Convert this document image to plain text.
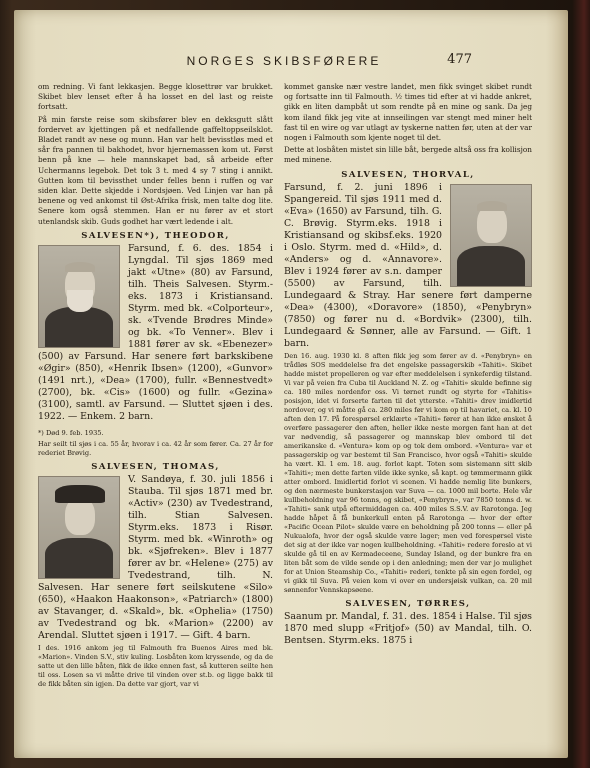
NORGES SKIBSFØRERE	477

om redning. Vi fant lekkasjen. Begge klosettrør var brukket. Skibet blev lenset efter å ha losset en del last og reiste fortsatt.

På min første reise som skibsfører blev en dekksgutt slått fordervet av kjettingen på et nedfallende gaffeltoppseilsklot. Bladet randt av nese og munn. Han var helt bevisstløs med et sår fra pannen til bakhodet, hvor hjernemassen kom ut. Først benn på kne — hele mannskapet bad, så arbeide efter Uchermanns legebok. Det tok 3 t. med 4 sy 7 sting i annikt. Gutten kom til bevissthet under felles benn i ruffen og var siden klar. Dette skjedde i Nordsjøen. Ved Linjen var han på benene og ved ankomst til Øst-Afrika frisk, men talte dog lite. Senere kom også stemmen. Han er nu fører av et stort utenlandsk skib. Guds godhet har vært ledende i alt.

SALVESEN*), THEODOR,

Farsund, f. 6. des. 1854 i Lyngdal. Til sjøs 1869 med jakt «Utne» (80) av Farsund, tilh. Theis Salvesen. Styrm.-eks. 1873 i Kristiansand. Styrm. med bk. «Colporteur», sk. «Tvende Brødres Minde» og bk. «To Venner». Blev i 1881 fører av sk. «Ebenezer» (500) av Farsund. Har senere ført barkskibene «Øgir» (850), «Henrik Ibsen» (1200), «Gunvor» (1491 nrt.), «Dea» (1700), fullr. «Bennestvedt» (2700), bk. «Cis» (1600) og fullr. «Gezina» (3100), samtl. av Farsund. — Sluttet sjøen i des. 1922. — Enkem. 2 barn.

*) Død 9. feb. 1935.

Har seilt til sjøs i ca. 55 år, hvorav i ca. 42 år som fører. Ca. 27 år for rederiet Brøvig.

SALVESEN, THOMAS,

V. Sandøya, f. 30. juli 1856 i Stauba. Til sjøs 1871 med br. «Activ» (230) av Tvedestrand, tilh. Stian Salvesen. Styrm.eks. 1873 i Risør. Styrm. med bk. «Winroth» og bk. «Sjøfreken». Blev i 1877 fører av br. «Helene» (275) av Tvedestrand, tilh. N. Salvesen. Har senere ført seilskutene «Silo» (650), «Haakon Haakonson», «Patriarch» (1800) av Stavanger, d. «Skald», bk. «Ophelia» (1750) av Tvedestrand og bk. «Marion» (2200) av Arendal. Sluttet sjøen i 1917. — Gift. 4 barn.

I des. 1916 ankom jeg til Falmouth fra Buenos Aires med bk. «Marion». Vinden S.V., stiv kuling. Losbåten kom kryssende, og da de satte ut den lille båten, fikk de ikke ennen fast, så kutteren seilte hen til oss. Losen sa vi måtte drive til vinden over st.b. og ligge bakk til de fikk båten sin igjen. Da dette var gjort, var vi

kommet ganske nær vestre landet, men fikk svinget skibet rundt og fortsatte inn til Falmouth. ½ times tid efter at vi hadde ankret, gikk en liten dampbåt ut som rendte på en mine og sank. Da jeg kom iland fikk jeg vite at innseilingen var stengt med miner helt fast til en wire og var utlagt av tyskerne natten før, uten at der var nogen i Falmouth som kjente noget til det.

Dette at losbåten mistet sin lille båt, bergede altså oss fra kollisjon med minene.

SALVESEN, THORVAL,

Farsund, f. 2. juni 1896 i Spangereid. Til sjøs 1911 med d. «Eva» (1650) av Farsund, tilh. G. C. Brøvig. Styrm.eks. 1918 i Kristiansand og skibsf.eks. 1920 i Oslo. Styrm. med d. «Hild», d. «Anders» og d. «Annavore». Blev i 1924 fører av s.n. damper (5500) av Farsund, tilh. Lundegaard & Stray. Har senere ført damperne «Dea» (4300), «Doravore» (1850), «Penybryn» (7850) og fører nu d. «Bordvik» (2300), tilh. Lundegaard & Sønner, alle av Farsund. — Gift. 1 barn.

Den 16. aug. 1930 kl. 8 aften fikk jeg som fører av d. «Penybryn» en trådløs SOS meddelelse fra det engelske passagerskib «Tahiti». Skibet hadde mistet propelleren og var efter meddelelsen i synkeferdig tilstand. Vi var på veien fra Cuba til Auckland N. Z. og «Tahiti» skulde befinne sig ca. 180 miles nordenfor oss. Vi tørnet rundt og styrte for «Tahitis» posisjon, idet vi forserte farten til det ytterste. «Tahiti» drev imidlertid nordover, og vi måtte gå ca. 280 miles før vi kom op til havariet, ca. kl. 10 aften den 17. På forespørsel erklærte «Tahiti» fører at han ikke ønsket å overføre passagerer den aften, heller ikke neste morgen fant han at det var nødvendig, så passagerer og mannskap blev ombord til det amerikanske d. «Ventura» kom op og tok dem ombord. «Ventura» var et passagerskip og var bestemt til San Francisco, hvor også «Tahiti» skulde ha vært. Kl. 1 em. 18. aug. forlot kapt. Toten som sistemann sitt skib «Tahiti»; men dette farten vilde ikke synke, så kapt. og tømmermann gikk atter ombord. Imidlertid forlot vi scenen. Vi hadde nemlig lite bunkers, og den nærmeste bunkerstasjon var Suva — ca. 1000 mil borte. Hele vår kullbeholdning var 96 tonns, og skibet, «Penybryn», var 7850 tonns d. w. «Tahiti» sank utpå eftermiddagen ca. 400 miles S.S.V. av Rarotonga. Jeg hadde håpet å få bunkerkull enten på Rarotonga — hvor der efter «Pacific Ocean Pilot» skulde være en beholdning på 200 tonns — eller på Nukualofa, hvor der også skulde være lager; men ved forespørsel viste det sig at der ikke var nogen kullbeholdning. «Tahiti» redere foreslo at vi skulde gå til en av Kermadeceene, Sunday Island, og der bunkre fra en liten båt som de vilde sende op i den anledning; men der var jo mulighet for at Union Steamship Co., «Tahiti» rederi, tenkte på sin egen fordel, og vi gikk til Suva. På veien kom vi over en undersjøisk vulkan, ca. 20 mil sønnenfor Vennskapsøene.

SALVESEN, TØRRES,

Saanum pr. Mandal, f. 31. des. 1854 i Halse. Til sjøs 1870 med slupp «Fritjof» (50) av Mandal, tilh. O. Bentsen. Styrm.eks. 1875 i
